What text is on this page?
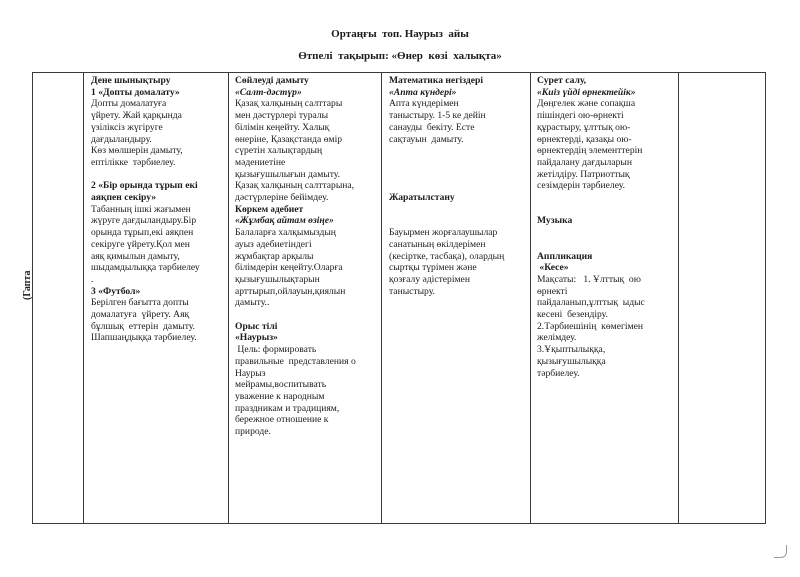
Ортаңғы  топ. Наурыз  айы
Өтпелі  тақырып: «Өнер  көзі  халықта»
(Гапта

Дене шынықтыру

1 «Допты домалату»

Допты домалатуға

үйрету. Жай қарқында

үзіліксіз жүгіруге

дағдыландыру.

Көз мөлшерін дамыту,

ептілікке  тәрбиелеу.

2 «Бір орында тұрып екі

аяқпен секіру»

Табанның ішкі жағымен

жүруге дағдыландыру.Бір

орында тұрып,екі аяқпен

секіруге үйрету.Қол мен

аяқ қимылын дамыту,

шыдамдылыққа тәрбиелеу

.

3 «Футбол»

Берілген бағытта допты

домалатуға  үйрету. Аяқ

бұлшық  еттерін  дамыту.

Шапшаңдыққа тәрбиелеу.

Сөйлеуді дамыту

«Салт-дәстүр»

Қазақ халқының салттары

мен дәстүрлері туралы

білімін кеңейту. Халық

өнеріне, Қазақстанда өмір

сүретін халықтардың

мәдениетіне

қызығушылығын дамыту.

Қазақ халқының салттарына,

дәстүрлеріне бейімдеу.

Көркем әдебиет

«Жұмбақ айтам өзіңе»

Балаларға халқымыздың

ауыз әдебиетіндегі

жұмбақтар арқылы

білімдерін кеңейту.Оларға

қызығушылықтарын

арттырып,ойлауын,қиялын

дамыту..

Орыс тілі

«Наурыз»

Цель: формировать

правильные  представления о

Наурыз

мейрамы,воспитывать

уважение к народным

праздникам и традициям,

бережное отношение к

природе.

Математика негіздері

«Апта күндері»

Апта күндерімен

таныстыру. 1-5 ке дейін

санауды  бекіту. Есте

сақтауын  дамыту.

Жаратылстану

Бауырмен жорғалаушылар

санатының өкілдерімен

(кесіртке, тасбақа), олардың

сыртқы түрімен және

қозғалу әдістерімен

таныстыру.

Сурет салу,

«Киіз үйді өрнектейік»

Дөңгелек және сопақша

пішіндегі ою-өрнекті

құрастыру, ұлттық ою-

өрнектерді, қазақы ою-

өрнектердің элементтерін

пайдалану дағдыларын

жетілдіру. Патриоттық

сезімдерін тәрбиелеу.

Музыка

Аппликация

«Кесе»

Мақсаты:   1. Ұлттық  ою

өрнекті

пайдаланып,ұлттық  ыдыс

кесені  безендіру.

2.Тәрбиешінің  көмегімен

желімдеу.

3.Ұқыптылыққа,

қызығушылыққа

тәрбиелеу.
